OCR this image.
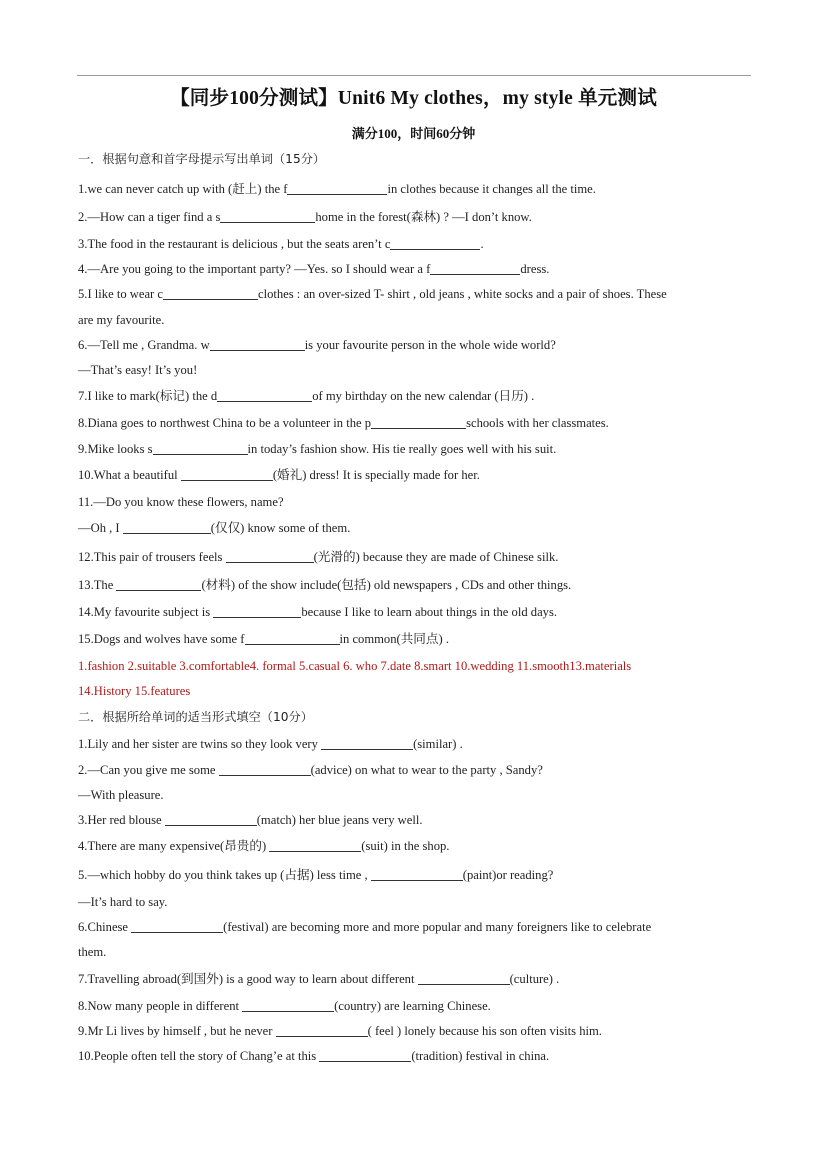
【同步100分测试】Unit6 My clothes，my style 单元测试
满分100，时间60分钟
一．根据句意和首字母提示写出单词（15分）
1.we can never catch up with (赶上) the f	in clothes because it changes all the time.
2.—How can a tiger find a s	home in the forest(森林) ? —I don’t know.
3.The food in the restaurant is delicious , but the seats aren’t c	.
4.—Are you going to the important party? —Yes. so I should wear a f	dress.
5.I like to wear c	clothes : an over-sized T- shirt , old jeans , white socks and a pair of shoes. These
are my favourite.
6.—Tell me , Grandma. w	is your favourite person in the whole wide world?
—That’s easy! It’s you!
7.I like to mark(标记) the d	of my birthday on the new calendar (日历) .
8.Diana goes to northwest China to be a volunteer in the p	schools with her classmates.
9.Mike looks s	in today’s fashion show. His tie really goes well with his suit.
10.What a beautiful	(婚礼) dress! It is specially made for her.
11.—Do you know these flowers, name?
—Oh , I	(仅仅) know some of them.
12.This pair of trousers feels	(光滑的) because they are made of Chinese silk.
13.The	(材料) of the show include(包括) old newspapers , CDs and other things.
14.My favourite subject is	because I like to learn about things in the old days.
15.Dogs and wolves have some f	in common(共同点) .
1.fashion 2.suitable 3.comfortable4. formal 5.casual 6. who 7.date 8.smart 10.wedding 11.smooth13.materials
14.History 15.features
二．根据所给单词的适当形式填空（10分）
1.Lily and her sister are twins so they look very	(similar) .
2.—Can you give me some	(advice) on what to wear to the party , Sandy?
—With pleasure.
3.Her red blouse	(match) her blue jeans very well.
4.There are many expensive(昂贵的)	(suit) in the shop.
5.—which hobby do you think takes up (占据) less time ,	(paint)or reading?
—It’s hard to say.
6.Chinese	(festival) are becoming more and more popular and many foreigners like to celebrate
them.
7.Travelling abroad(到国外) is a good way to learn about different	(culture) .
8.Now many people in different	(country) are learning Chinese.
9.Mr Li lives by himself , but he never	( feel ) lonely because his son often visits him.
10.People often tell the story of Chang’e at this	(tradition) festival in china.
